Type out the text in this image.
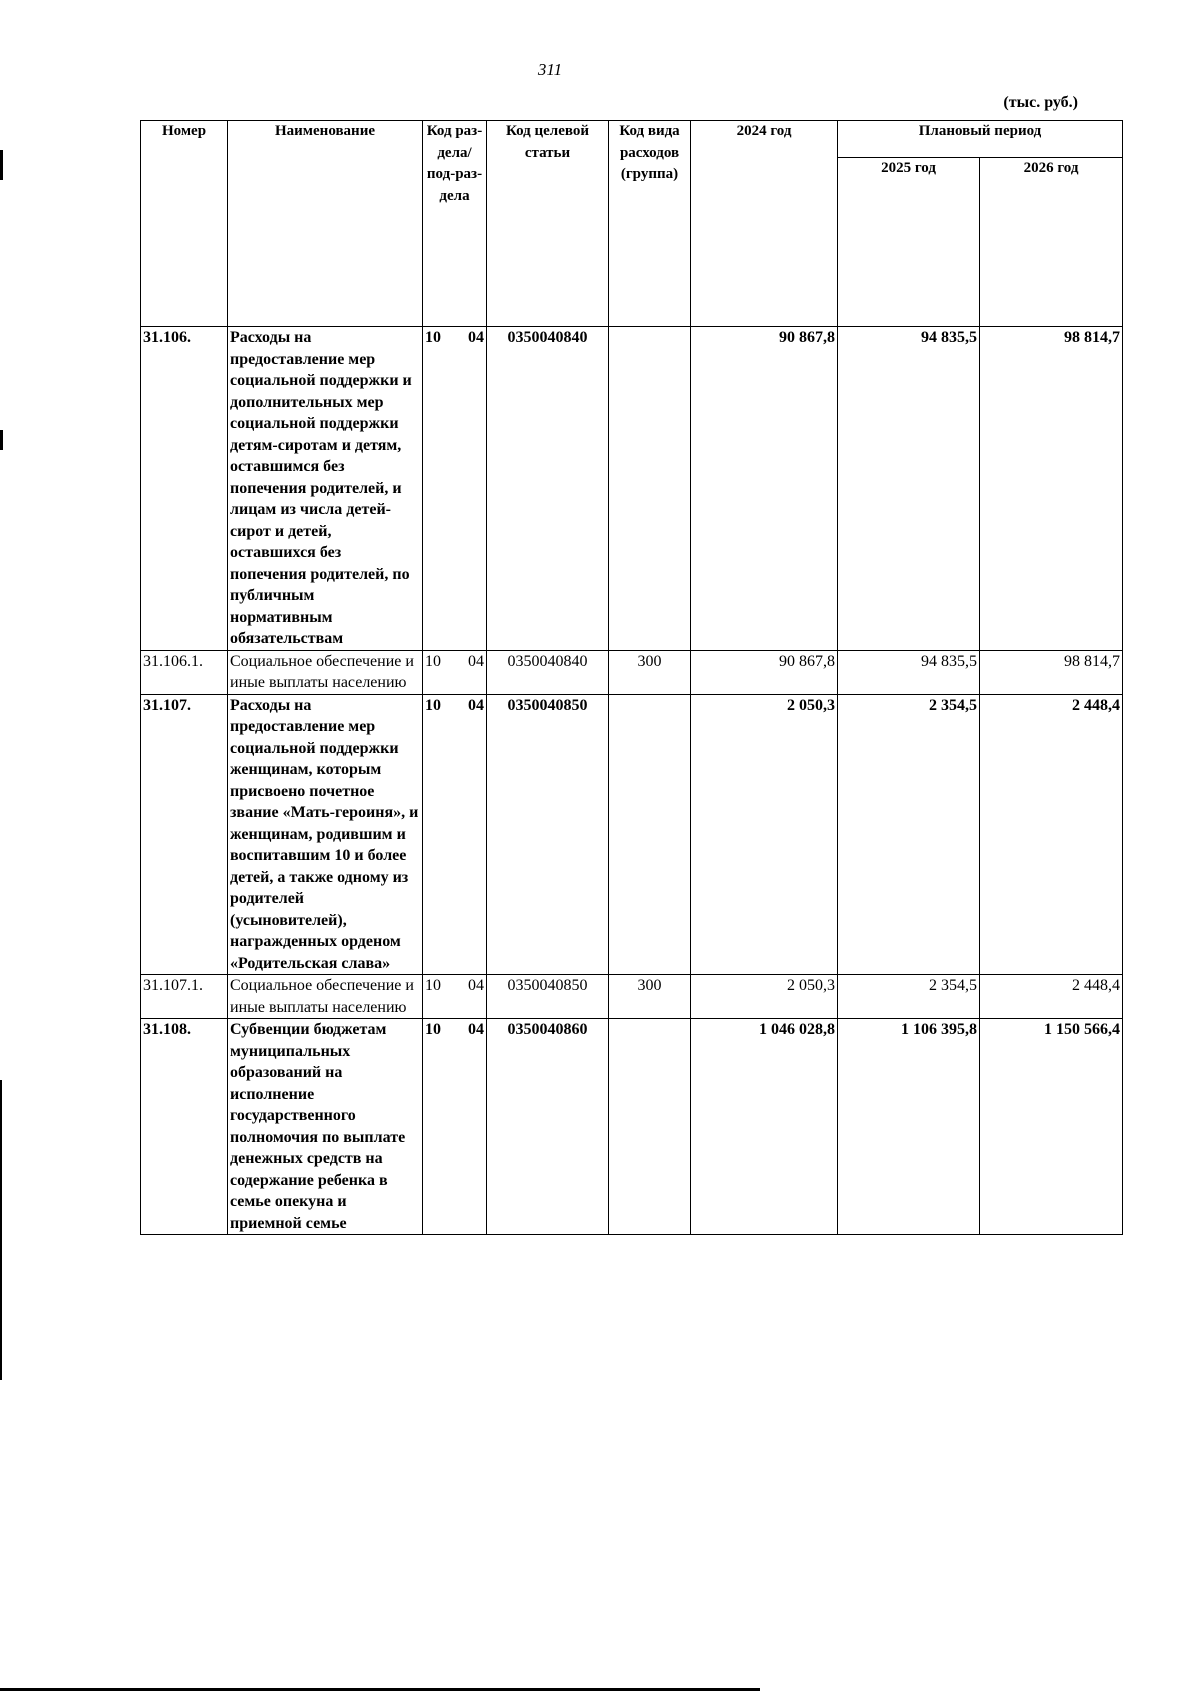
311
(тыс. руб.)
Номер	Наименование	Код раз-дела/ под-раз-дела	Код целевой статьи	Код вида расходов (группа)	2024 год	Плановый период	
						2025 год	2026 год
31.106.	Расходы на предоставление мер социальной поддержки и дополнительных мер социальной поддержки детям-сиротам и детям, оставшимся без попечения родителей, и лицам из числа детей-сирот и детей, оставшихся без попечения родителей, по публичным нормативным обязательствам	10 04	0350040840		90 867,8	94 835,5	98 814,7
31.106.1.	Социальное обеспечение и иные выплаты населению	10 04	0350040840	300	90 867,8	94 835,5	98 814,7
31.107.	Расходы на предоставление мер социальной поддержки женщинам, которым присвоено почетное звание «Мать-героиня», и женщинам, родившим и воспитавшим 10 и более детей, а также одному из родителей (усыновителей), награжденных орденом «Родительская слава»	10 04	0350040850		2 050,3	2 354,5	2 448,4
31.107.1.	Социальное обеспечение и иные выплаты населению	10 04	0350040850	300	2 050,3	2 354,5	2 448,4
31.108.	Субвенции бюджетам муниципальных образований на исполнение государственного полномочия по выплате денежных средств на содержание ребенка в семье опекуна и приемной семье	10 04	0350040860		1 046 028,8	1 106 395,8	1 150 566,4
